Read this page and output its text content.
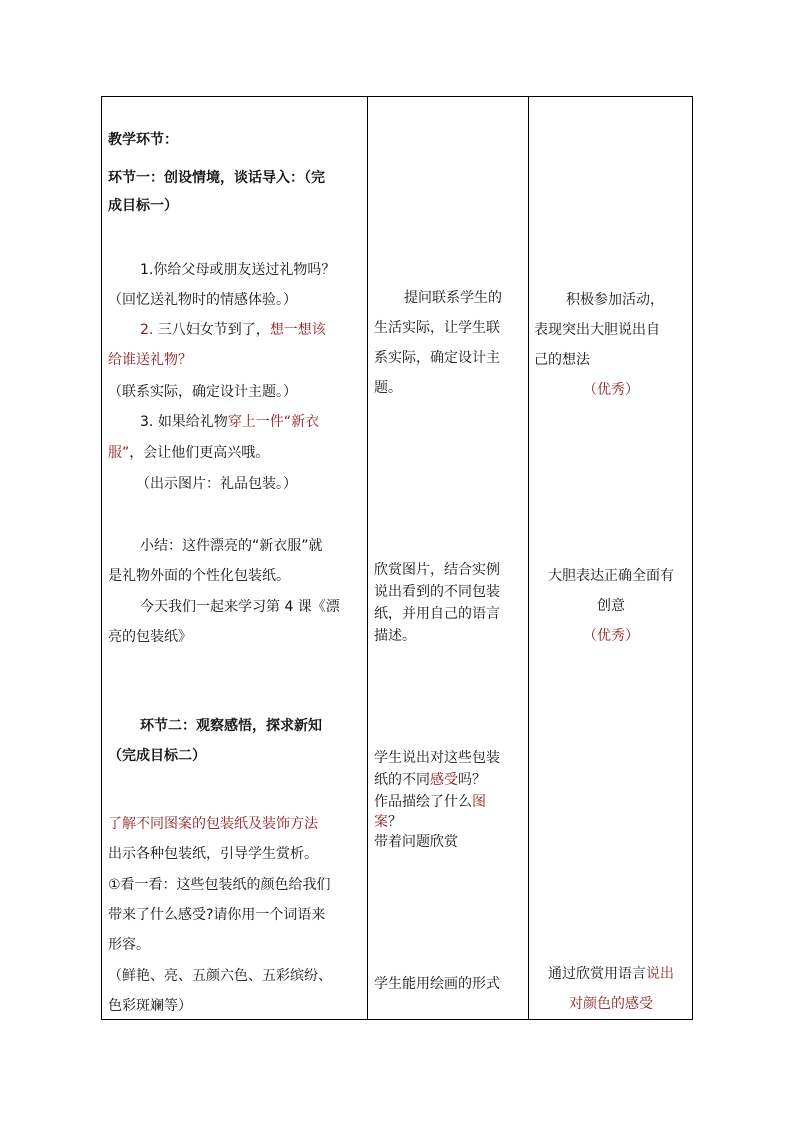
教学环节：
环节一：创设情境，谈话导入：（完
成目标一）
1.你给父母或朋友送过礼物吗？
（回忆送礼物时的情感体验。）
2. 三八妇女节到了，想一想该
给谁送礼物？
（联系实际，确定设计主题。）
3. 如果给礼物穿上一件“新衣
服”，会让他们更高兴哦。
（出示图片：礼品包装。）
小结：这件漂亮的“新衣服”就
是礼物外面的个性化包装纸。
今天我们一起来学习第 4 课《漂
亮的包装纸》
环节二：观察感悟，探求新知
（完成目标二）
了解不同图案的包装纸及装饰方法
出示各种包装纸，引导学生赏析。
①看一看：这些包装纸的颜色给我们
带来了什么感受?请你用一个词语来
形容。
（鲜艳、亮、五颜六色、五彩缤纷、
色彩斑斓等）
提问联系学生的
生活实际，让学生联
系实际，确定设计主
题。
欣赏图片，结合实例
说出看到的不同包装
纸，并用自己的语言
描述。
学生说出对这些包装
纸的不同感受吗？
作品描绘了什么图
案？
带着问题欣赏
学生能用绘画的形式
积极参加活动，
表现突出大胆说出自
己的想法
（优秀）
大胆表达正确全面有
创意
（优秀）
通过欣赏用语言说出
对颜色的感受
